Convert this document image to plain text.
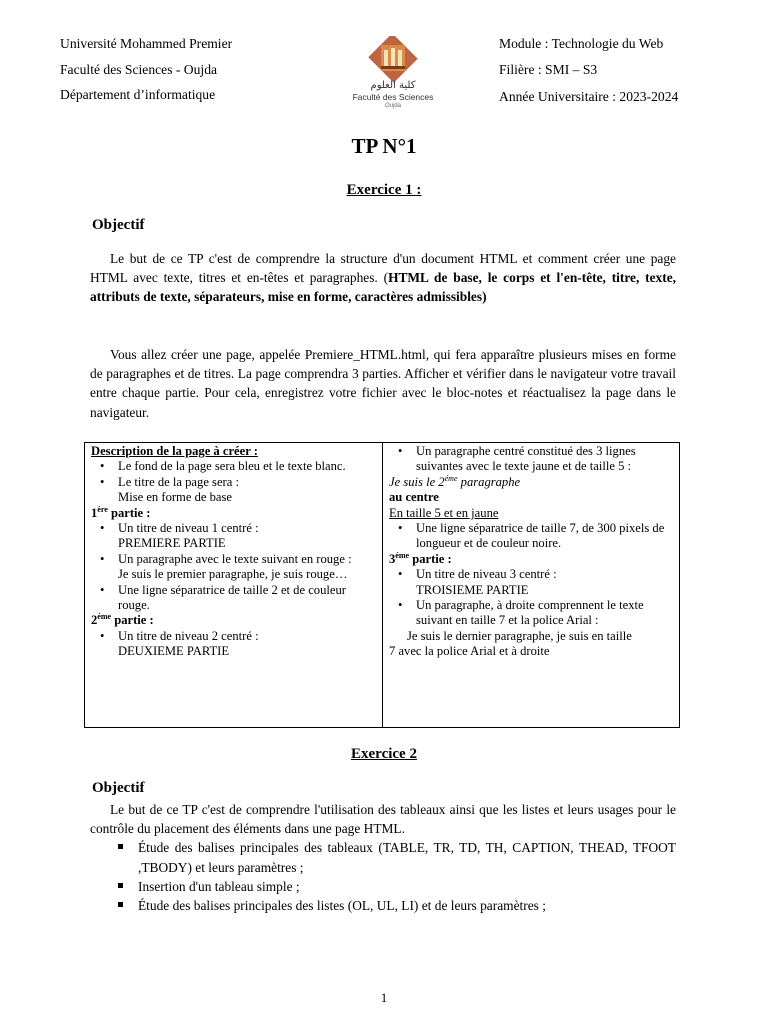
Université Mohammed Premier
Faculté des Sciences - Oujda
Département d’informatique
Module : Technologie du Web
Filière : SMI – S3
Année Universitaire : 2023-2024
كلية العلوم
Faculté des Sciences
Oujda
TP N°1
Exercice 1 :
Objectif

Le but de ce TP c'est de comprendre la structure d'un document HTML et comment créer une page HTML avec texte, titres et en-têtes et paragraphes. (HTML de base, le corps et l'en-tête, titre, texte, attributs de texte, séparateurs, mise en forme, caractères admissibles)

Vous allez créer une page, appelée Premiere_HTML.html, qui fera apparaître plusieurs mises en forme de paragraphes et de titres. La page comprendra 3 parties. Afficher et vérifier dans le navigateur votre travail entre chaque partie. Pour cela, enregistrez votre fichier avec le bloc-notes et réactualisez la page dans le navigateur.

Description de la page à créer :
• Le fond de la page sera bleu et le texte blanc.
• Le titre de la page sera :
Mise en forme de base
$1^{ére}$ partie :
• Un titre de niveau 1 centré :
PREMIERE PARTIE
• Un paragraphe avec le texte suivant en rouge :
Je suis le premier paragraphe, je suis rouge…
• Une ligne séparatrice de taille 2 et de couleur rouge.
$2^{éme}$ partie :
• Un titre de niveau 2 centré :
DEUXIEME PARTIE

• Un paragraphe centré constitué des 3 lignes suivantes avec le texte jaune et de taille 5 :
Je suis le $2^{éme}$ paragraphe
au centre
En taille 5 et en jaune
• Une ligne séparatrice de taille 7, de 300 pixels de longueur et de couleur noire.
$3^{éme}$ partie :
• Un titre de niveau 3 centré :
TROISIEME PARTIE
• Un paragraphe, à droite comprennent le texte suivant en taille 7 et la police Arial :
Je suis le dernier paragraphe, je suis en taille
7 avec la police Arial et à droite
Exercice 2
Objectif

Le but de ce TP c'est de comprendre l'utilisation des tableaux ainsi que les listes et leurs usages pour le contrôle du placement des éléments dans une page HTML.

Étude des balises principales des tableaux (TABLE, TR, TD, TH, CAPTION, THEAD, TFOOT ,TBODY) et leurs paramètres ;
Insertion d'un tableau simple ;
Étude des balises principales des listes (OL, UL, LI) et de leurs paramètres ;
1
